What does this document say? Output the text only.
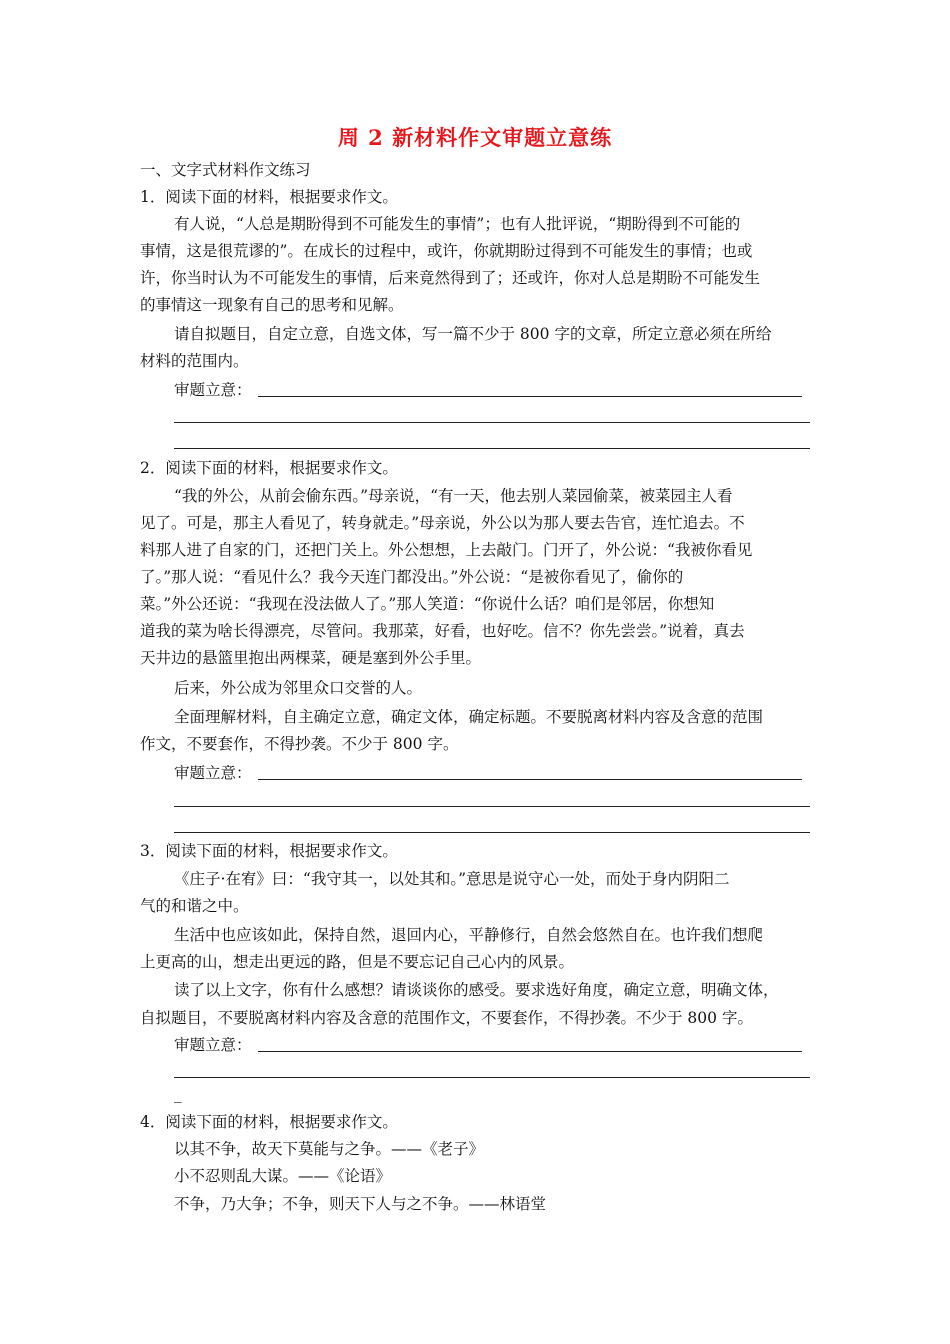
周 2 新材料作文审题立意练
一、文字式材料作文练习
1．阅读下面的材料，根据要求作文。
有人说，“人总是期盼得到不可能发生的事情”；也有人批评说，“期盼得到不可能的
事情，这是很荒谬的”。在成长的过程中，或许，你就期盼过得到不可能发生的事情；也或
许，你当时认为不可能发生的事情，后来竟然得到了；还或许，你对人总是期盼不可能发生
的事情这一现象有自己的思考和见解。
请自拟题目，自定立意，自选文体，写一篇不少于 800 字的文章，所定立意必须在所给
材料的范围内。
审题立意：
2．阅读下面的材料，根据要求作文。
“我的外公，从前会偷东西。”母亲说，“有一天，他去别人菜园偷菜，被菜园主人看
见了。可是，那主人看见了，转身就走。”母亲说，外公以为那人要去告官，连忙追去。不
料那人进了自家的门，还把门关上。外公想想，上去敲门。门开了，外公说：“我被你看见
了。”那人说：“看见什么？我今天连门都没出。”外公说：“是被你看见了，偷你的
菜。”外公还说：“我现在没法做人了。”那人笑道：“你说什么话？咱们是邻居，你想知
道我的菜为啥长得漂亮，尽管问。我那菜，好看，也好吃。信不？你先尝尝。”说着，真去
天井边的悬篮里抱出两棵菜，硬是塞到外公手里。
后来，外公成为邻里众口交誉的人。
全面理解材料，自主确定立意，确定文体，确定标题。不要脱离材料内容及含意的范围
作文，不要套作，不得抄袭。不少于 800 字。
审题立意：
3．阅读下面的材料，根据要求作文。
《庄子·在宥》曰：“我守其一，以处其和。”意思是说守心一处，而处于身内阴阳二
气的和谐之中。
生活中也应该如此，保持自然，退回内心，平静修行，自然会悠然自在。也许我们想爬
上更高的山，想走出更远的路，但是不要忘记自己心内的风景。
读了以上文字，你有什么感想？请谈谈你的感受。要求选好角度，确定立意，明确文体，
自拟题目，不要脱离材料内容及含意的范围作文，不要套作，不得抄袭。不少于 800 字。
审题立意：
_
4．阅读下面的材料，根据要求作文。
以其不争，故天下莫能与之争。——《老子》
小不忍则乱大谋。——《论语》
不争，乃大争；不争，则天下人与之不争。——林语堂
